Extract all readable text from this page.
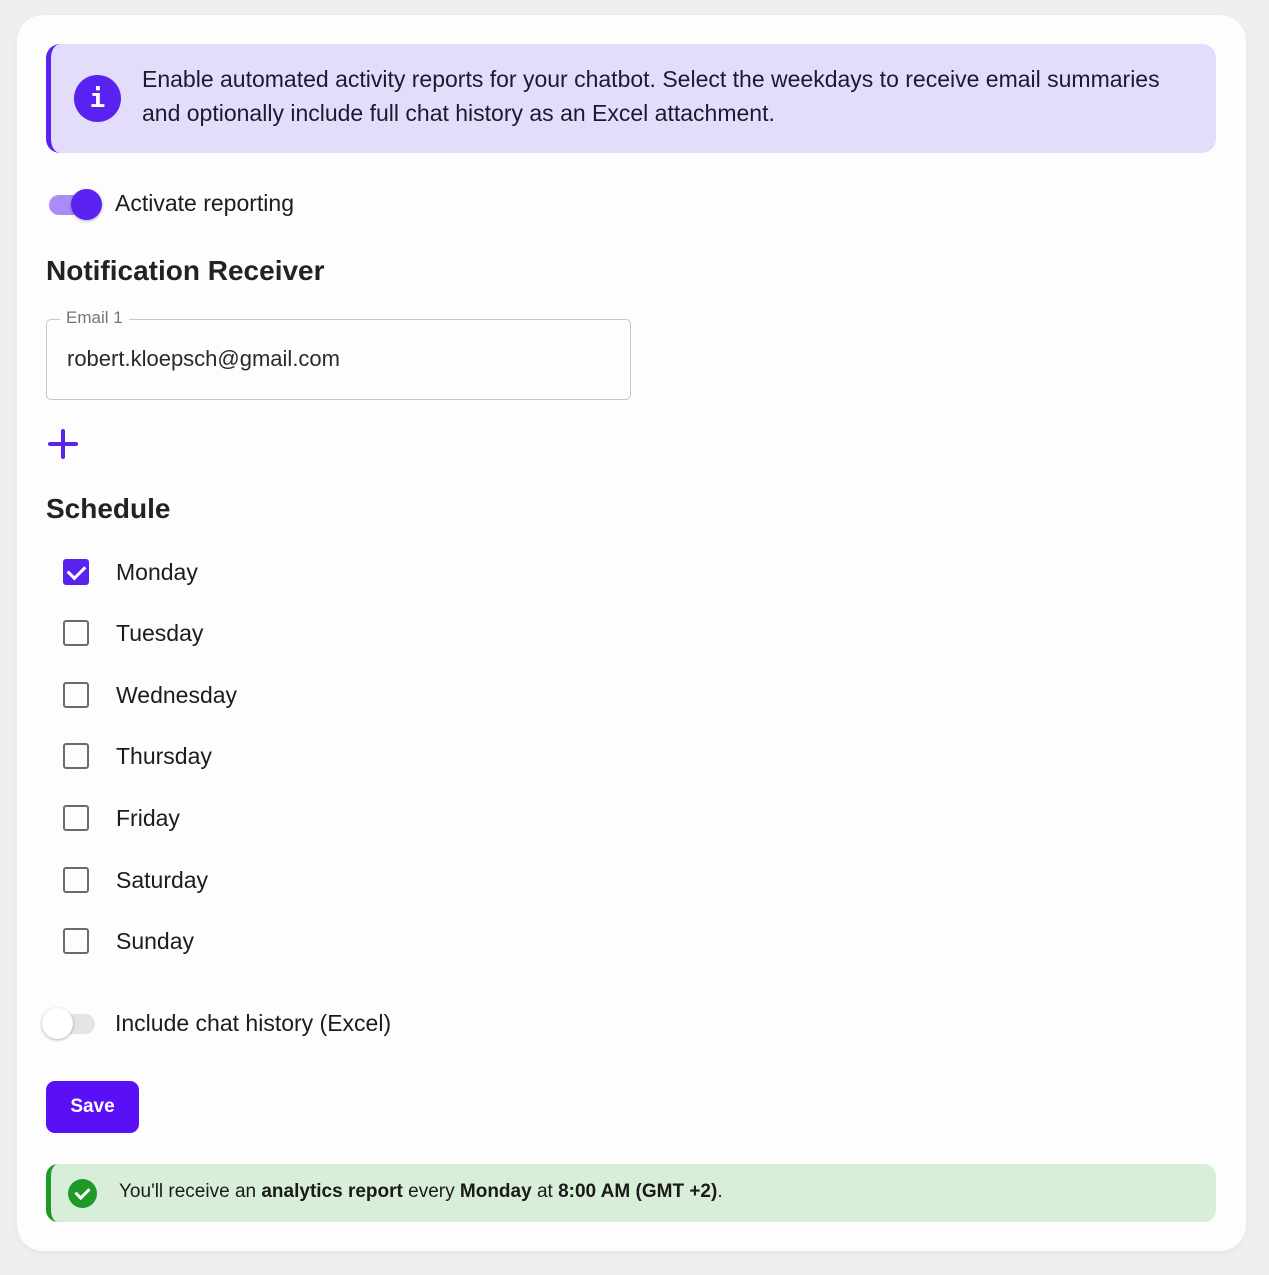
i
Enable automated activity reports for your chatbot. Select the weekdays to receive email summaries and optionally include full chat history as an Excel attachment.
Activate reporting
Notification Receiver
Email 1
robert.kloepsch@gmail.com
Schedule
Monday
Tuesday
Wednesday
Thursday
Friday
Saturday
Sunday
Include chat history (Excel)
Save
You'll receive an analytics report every Monday at 8:00 AM (GMT +2).
